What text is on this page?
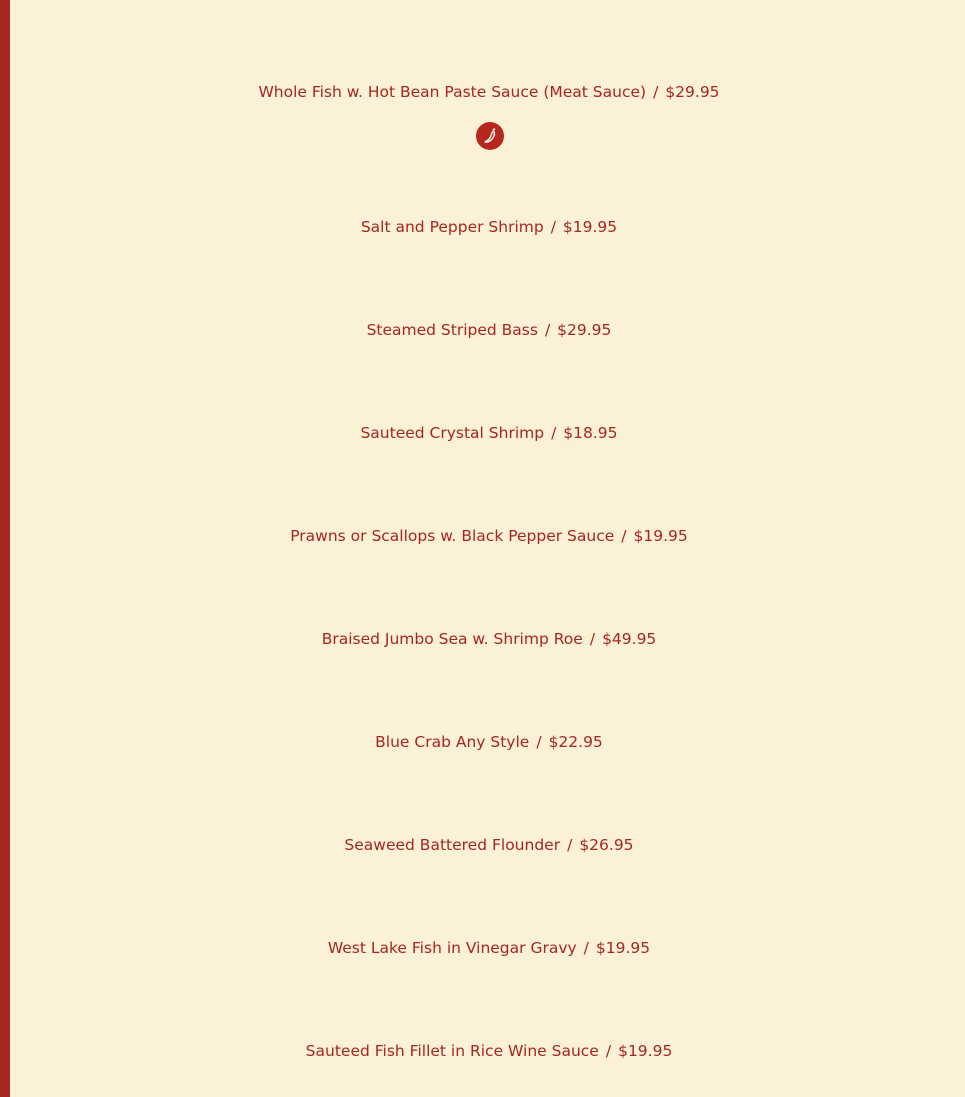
Whole Fish w. Hot Bean Paste Sauce (Meat Sauce) / $29.95
Salt and Pepper Shrimp / $19.95
Steamed Striped Bass / $29.95
Sauteed Crystal Shrimp / $18.95
Prawns or Scallops w. Black Pepper Sauce / $19.95
Braised Jumbo Sea w. Shrimp Roe / $49.95
Blue Crab Any Style / $22.95
Seaweed Battered Flounder / $26.95
West Lake Fish in Vinegar Gravy / $19.95
Sauteed Fish Fillet in Rice Wine Sauce / $19.95
